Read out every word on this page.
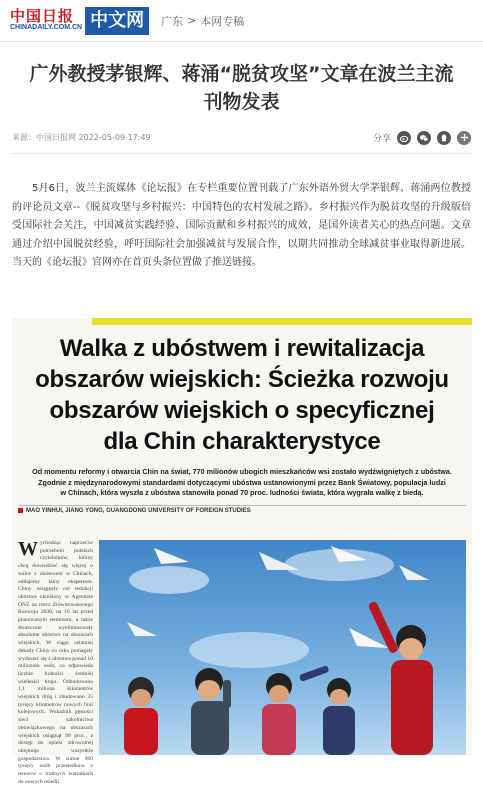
中国日报
CHINADAILY.COM.CN 中文网	广东 > 本网专稿
广外教授茅银辉、蒋涌“脱贫攻坚”文章在波兰主流刊物发表
来源：中国日报网 2022-05-09 17:49	分享

5月6日，波兰主流媒体《论坛报》在专栏重要位置刊载了广东外语外贸大学茅银辉、蒋涌两位教授的评论员文章--《脱贫攻坚与乡村振兴：中国特色的农村发展之路》。乡村振兴作为脱贫攻坚的升级版倍受国际社会关注，中国减贫实践经验、国际贡献和乡村振兴的成效，是国外读者关心的热点问题。文章通过介绍中国脱贫经验，呼吁国际社会加强减贫与发展合作，以期共同推动全球减贫事业取得新进展。当天的《论坛报》官网亦在首页头条位置做了推送链接。

Walka z ubóstwem i rewitalizacja
obszarów wiejskich: Ścieżka rozwoju
obszarów wiejskich o specyficznej
dla Chin charakterystyce
Od momentu reformy i otwarcia Chin na świat, 770 milionów ubogich mieszkańców wsi zostało wydźwigniętych z ubóstwa.
Zgodnie z międzynarodowymi standardami dotyczącymi ubóstwa ustanowionymi przez Bank Światowy, populacja ludzi
w Chinach, która wyszła z ubóstwa stanowiła ponad 70 proc. ludności świata, która wygrała walkę z biedą.
MAO YINHUI, JIANG YONG, GUANGDONG UNIVERSITY OF FOREIGN STUDIES
W ychodząc naprzeciw potrzebom polskich czytelników, którzy chcą dowiedzieć się więcej o walce z ubóstwem w Chinach, oddajemy łamy ekspertom. Chiny osiągnęły cel redukcji ubóstwa określony w Agendzie ONZ na rzecz Zrównoważonego Rozwoju 2030, na 10 lat przed planowanym terminem, a także skutecznie wyeliminowały absolutne ubóstwo na obszarach wiejskich. W ciągu ostatniej dekady Chiny co roku pomagały wydostać się z ubóstwa ponad 10 milionom osób, co odpowiada liczbie ludności średniej wielkości kraju. Odbudowano 1,1 miliona kilometrów wiejskich dróg i zbudowano 35 tysięcy kilometrów nowych linii kolejowych. Wskaźnik gęstości sieci szkolnictwa obowiązkowego na obszarach wiejskich osiągnął 99 proc., a dostęp do opieki zdrowotnej obejmuje wszystkie gospodarstwa. W sumie 960 tysięcy osób przesiedlono z terenów o trudnych warunkach do nowych osiedli.
